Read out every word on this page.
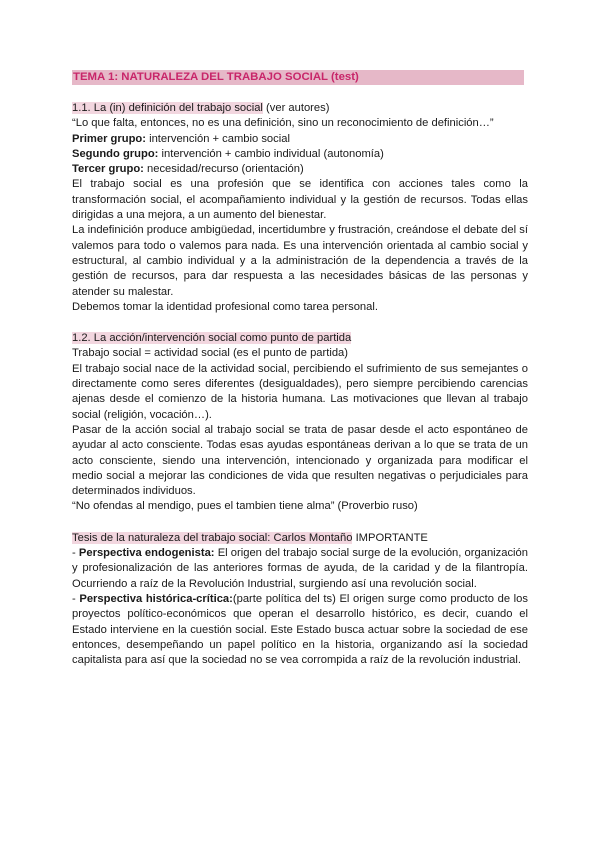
TEMA 1: NATURALEZA DEL TRABAJO SOCIAL (test)
1.1. La (in) definición del trabajo social (ver autores)

“Lo que falta, entonces, no es una definición, sino un reconocimiento de definición…”

Primer grupo: intervención + cambio social
Segundo grupo: intervención + cambio individual (autonomía)
Tercer grupo: necesidad/recurso (orientación)

El trabajo social es una profesión que se identifica con acciones tales como la transformación social, el acompañamiento individual y la gestión de recursos. Todas ellas dirigidas a una mejora, a un aumento del bienestar.

La indefinición produce ambigüedad, incertidumbre y frustración, creándose el debate del sí valemos para todo o valemos para nada. Es una intervención orientada al cambio social y estructural, al cambio individual y a la administración de la dependencia a través de la gestión de recursos, para dar respuesta a las necesidades básicas de las personas y atender su malestar.

Debemos tomar la identidad profesional como tarea personal.

1.2. La acción/intervención social como punto de partida

Trabajo social = actividad social (es el punto de partida)

El trabajo social nace de la actividad social, percibiendo el sufrimiento de sus semejantes o directamente como seres diferentes (desigualdades), pero siempre percibiendo carencias ajenas desde el comienzo de la historia humana. Las motivaciones que llevan al trabajo social (religión, vocación…).

Pasar de la acción social al trabajo social se trata de pasar desde el acto espontáneo de ayudar al acto consciente. Todas esas ayudas espontáneas derivan a lo que se trata de un acto consciente, siendo una intervención, intencionado y organizada para modificar el medio social a mejorar las condiciones de vida que resulten negativas o perjudiciales para determinados individuos.

“No ofendas al mendigo, pues el tambien tiene alma” (Proverbio ruso)

Tesis de la naturaleza del trabajo social: Carlos Montaño IMPORTANTE

- Perspectiva endogenista: El origen del trabajo social surge de la evolución, organización y profesionalización de las anteriores formas de ayuda, de la caridad y de la filantropía. Ocurriendo a raíz de la Revolución Industrial, surgiendo así una revolución social.

- Perspectiva histórica-crítica:(parte política del ts) El origen surge como producto de los proyectos político-económicos que operan el desarrollo histórico, es decir, cuando el Estado interviene en la cuestión social. Este Estado busca actuar sobre la sociedad de ese entonces, desempeñando un papel político en la historia, organizando así la sociedad capitalista para así que la sociedad no se vea corrompida a raíz de la revolución industrial.
